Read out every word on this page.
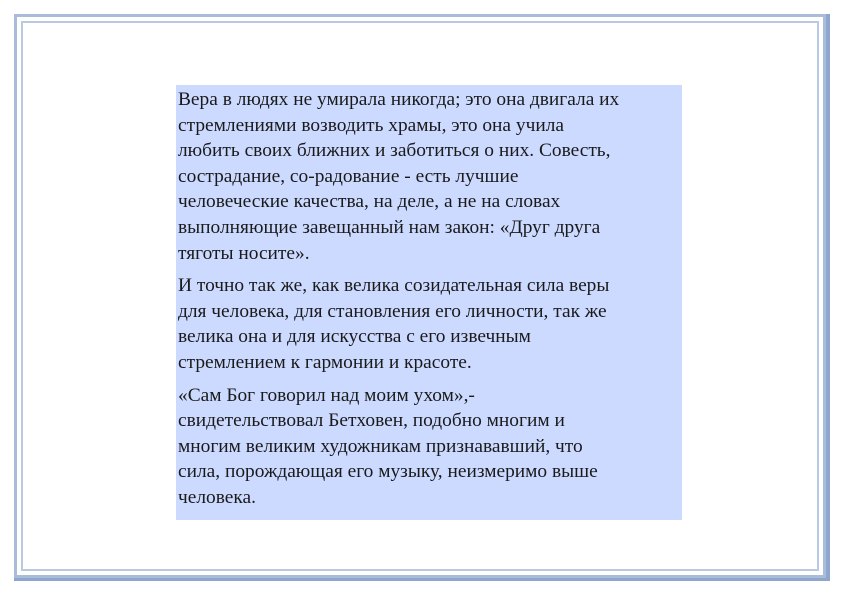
Вера в людях не умирала никогда; это она двигала их
стремлениями возводить храмы, это она учила
любить своих ближних и заботиться о них. Совесть,
сострадание, со-радование - есть лучшие
человеческие качества, на деле, а не на словах
выполняющие завещанный нам закон: «Друг друга
тяготы носите».

И точно так же, как велика созидательная сила веры
для человека, для становления его личности, так же
велика она и для искусства с его извечным
стремлением к гармонии и красоте.

«Сам Бог говорил над моим ухом»,-
свидетельствовал Бетховен, подобно многим и
многим великим художникам признававший, что
сила, порождающая его музыку, неизмеримо выше
человека.
